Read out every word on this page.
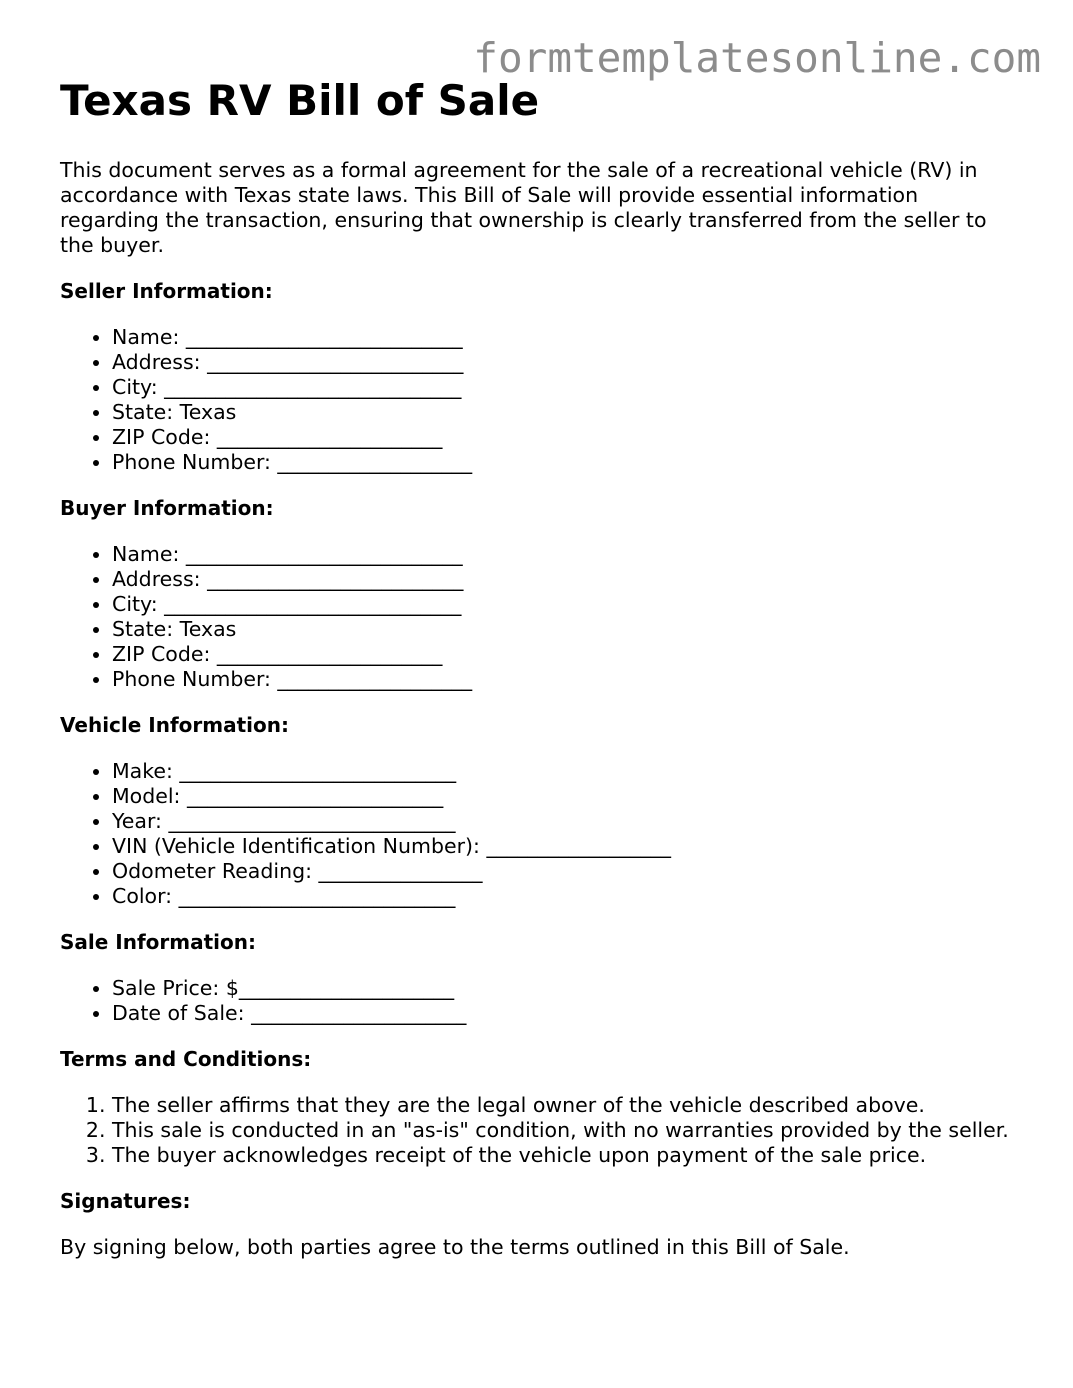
formtemplatesonline.com
Texas RV Bill of Sale

This document serves as a formal agreement for the sale of a recreational vehicle (RV) in accordance with Texas state laws. This Bill of Sale will provide essential information regarding the transaction, ensuring that ownership is clearly transferred from the seller to the buyer.

Seller Information:
• Name: ___________________________
• Address: _________________________
• City: _____________________________
• State: Texas
• ZIP Code: ______________________
• Phone Number: ___________________
Buyer Information:
• Name: ___________________________
• Address: _________________________
• City: _____________________________
• State: Texas
• ZIP Code: ______________________
• Phone Number: ___________________
Vehicle Information:
• Make: ___________________________
• Model: _________________________
• Year: ____________________________
• VIN (Vehicle Identification Number): __________________
• Odometer Reading: ________________
• Color: ___________________________
Sale Information:
• Sale Price: $_____________________
• Date of Sale: _____________________
Terms and Conditions:
1. The seller affirms that they are the legal owner of the vehicle described above.
2. This sale is conducted in an "as-is" condition, with no warranties provided by the seller.
3. The buyer acknowledges receipt of the vehicle upon payment of the sale price.
Signatures:

By signing below, both parties agree to the terms outlined in this Bill of Sale.
